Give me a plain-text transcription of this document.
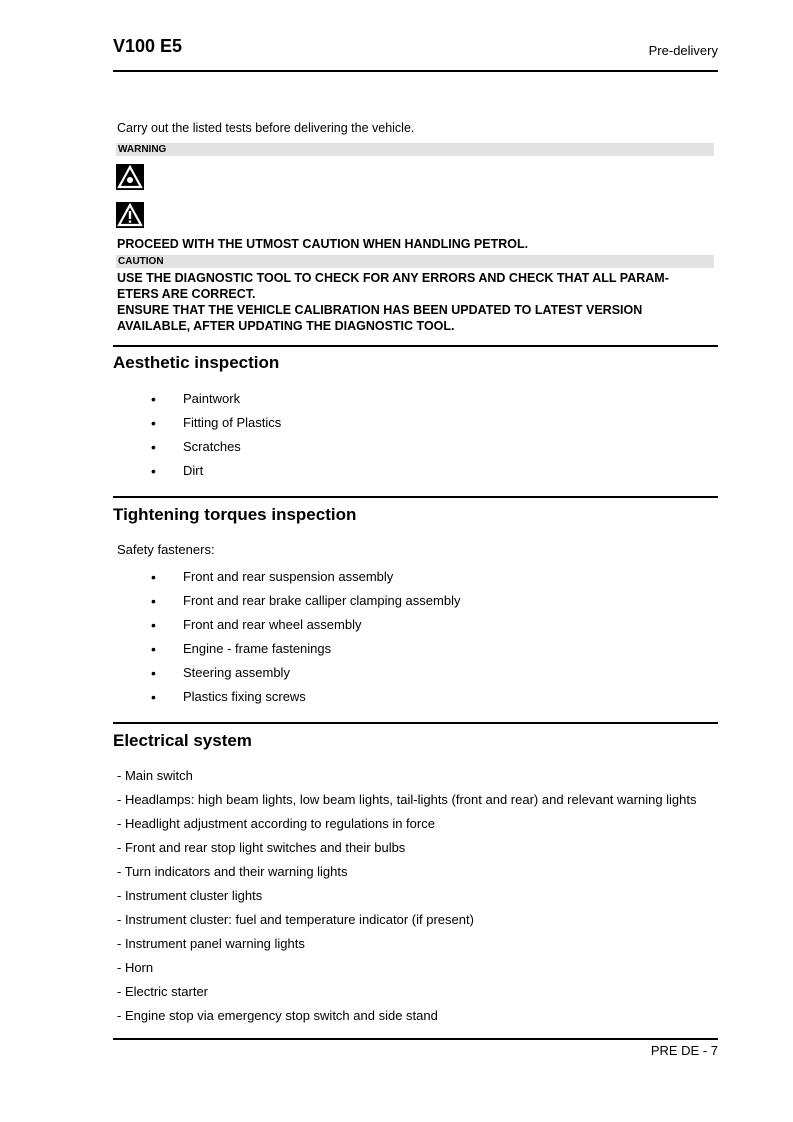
V100 E5	Pre-delivery
Carry out the listed tests before delivering the vehicle.
WARNING
PROCEED WITH THE UTMOST CAUTION WHEN HANDLING PETROL.
CAUTION

USE THE DIAGNOSTIC TOOL TO CHECK FOR ANY ERRORS AND CHECK THAT ALL PARAM-

ETERS ARE CORRECT.

ENSURE THAT THE VEHICLE CALIBRATION HAS BEEN UPDATED TO LATEST VERSION

AVAILABLE, AFTER UPDATING THE DIAGNOSTIC TOOL.

Aesthetic inspection
• Paintwork
• Fitting of Plastics
• Scratches
• Dirt
Tightening torques inspection
Safety fasteners:
• Front and rear suspension assembly
• Front and rear brake calliper clamping assembly
• Front and rear wheel assembly
• Engine - frame fastenings
• Steering assembly
• Plastics fixing screws
Electrical system
- Main switch
- Headlamps: high beam lights, low beam lights, tail-lights (front and rear) and relevant warning lights
- Headlight adjustment according to regulations in force
- Front and rear stop light switches and their bulbs
- Turn indicators and their warning lights
- Instrument cluster lights
- Instrument cluster: fuel and temperature indicator (if present)
- Instrument panel warning lights
- Horn
- Electric starter
- Engine stop via emergency stop switch and side stand
PRE DE - 7
